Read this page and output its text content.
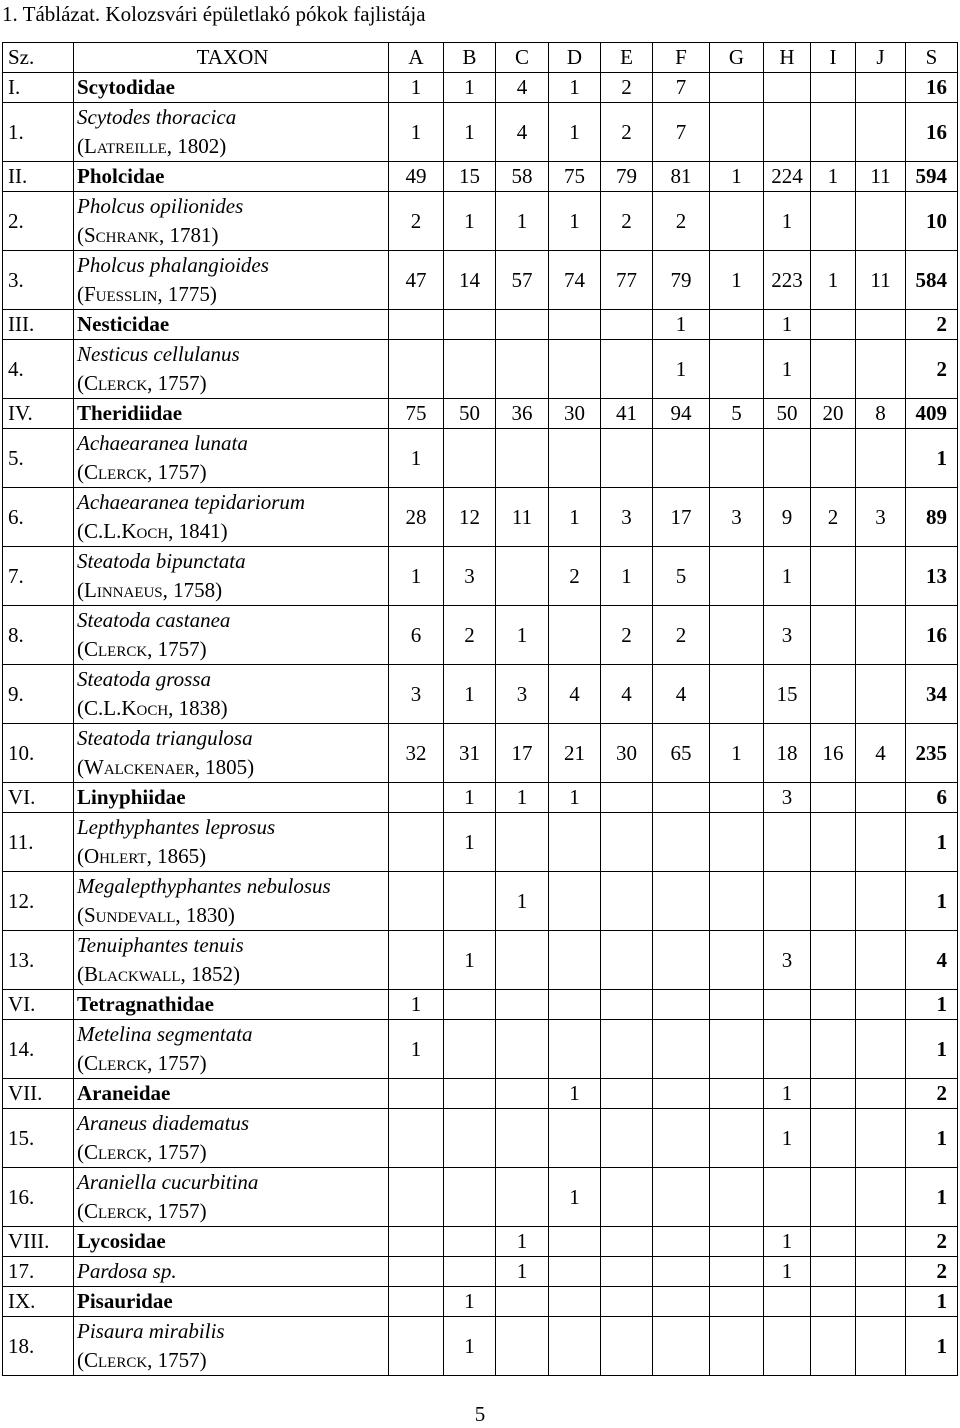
1. Táblázat. Kolozsvári épületlakó pókok fajlistája
Sz.	TAXON	A	B	C	D	E	F	G	H	I	J	S
I.	Scytodidae	1	1	4	1	2	7					16
1.	Scytodes thoracica
(Latreille, 1802)	1	1	4	1	2	7					16
II.	Pholcidae	49	15	58	75	79	81	1	224	1	11	594
2.	Pholcus opilionides
(Schrank, 1781)	2	1	1	1	2	2		1			10
3.	Pholcus phalangioides
(Fuesslin, 1775)	47	14	57	74	77	79	1	223	1	11	584
III.	Nesticidae						1		1			2
4.	Nesticus cellulanus
(Clerck, 1757)						1		1			2
IV.	Theridiidae	75	50	36	30	41	94	5	50	20	8	409
5.	Achaearanea lunata
(Clerck, 1757)	1										1
6.	Achaearanea tepidariorum
(C.L.Koch, 1841)	28	12	11	1	3	17	3	9	2	3	89
7.	Steatoda bipunctata
(Linnaeus, 1758)	1	3		2	1	5		1			13
8.	Steatoda castanea
(Clerck, 1757)	6	2	1		2	2		3			16
9.	Steatoda grossa
(C.L.Koch, 1838)	3	1	3	4	4	4		15			34
10.	Steatoda triangulosa
(Walckenaer, 1805)	32	31	17	21	30	65	1	18	16	4	235
VI.	Linyphiidae		1	1	1				3			6
11.	Lepthyphantes leprosus
(Ohlert, 1865)		1									1
12.	Megalepthyphantes nebulosus
(Sundevall, 1830)			1								1
13.	Tenuiphantes tenuis
(Blackwall, 1852)		1						3			4
VI.	Tetragnathidae	1										1
14.	Metelina segmentata
(Clerck, 1757)	1										1
VII.	Araneidae				1				1			2
15.	Araneus diadematus
(Clerck, 1757)								1			1
16.	Araniella cucurbitina
(Clerck, 1757)				1							1
VIII.	Lycosidae			1					1			2
17.	Pardosa sp.			1					1			2
IX.	Pisauridae		1									1
18.	Pisaura mirabilis
(Clerck, 1757)		1									1
5
